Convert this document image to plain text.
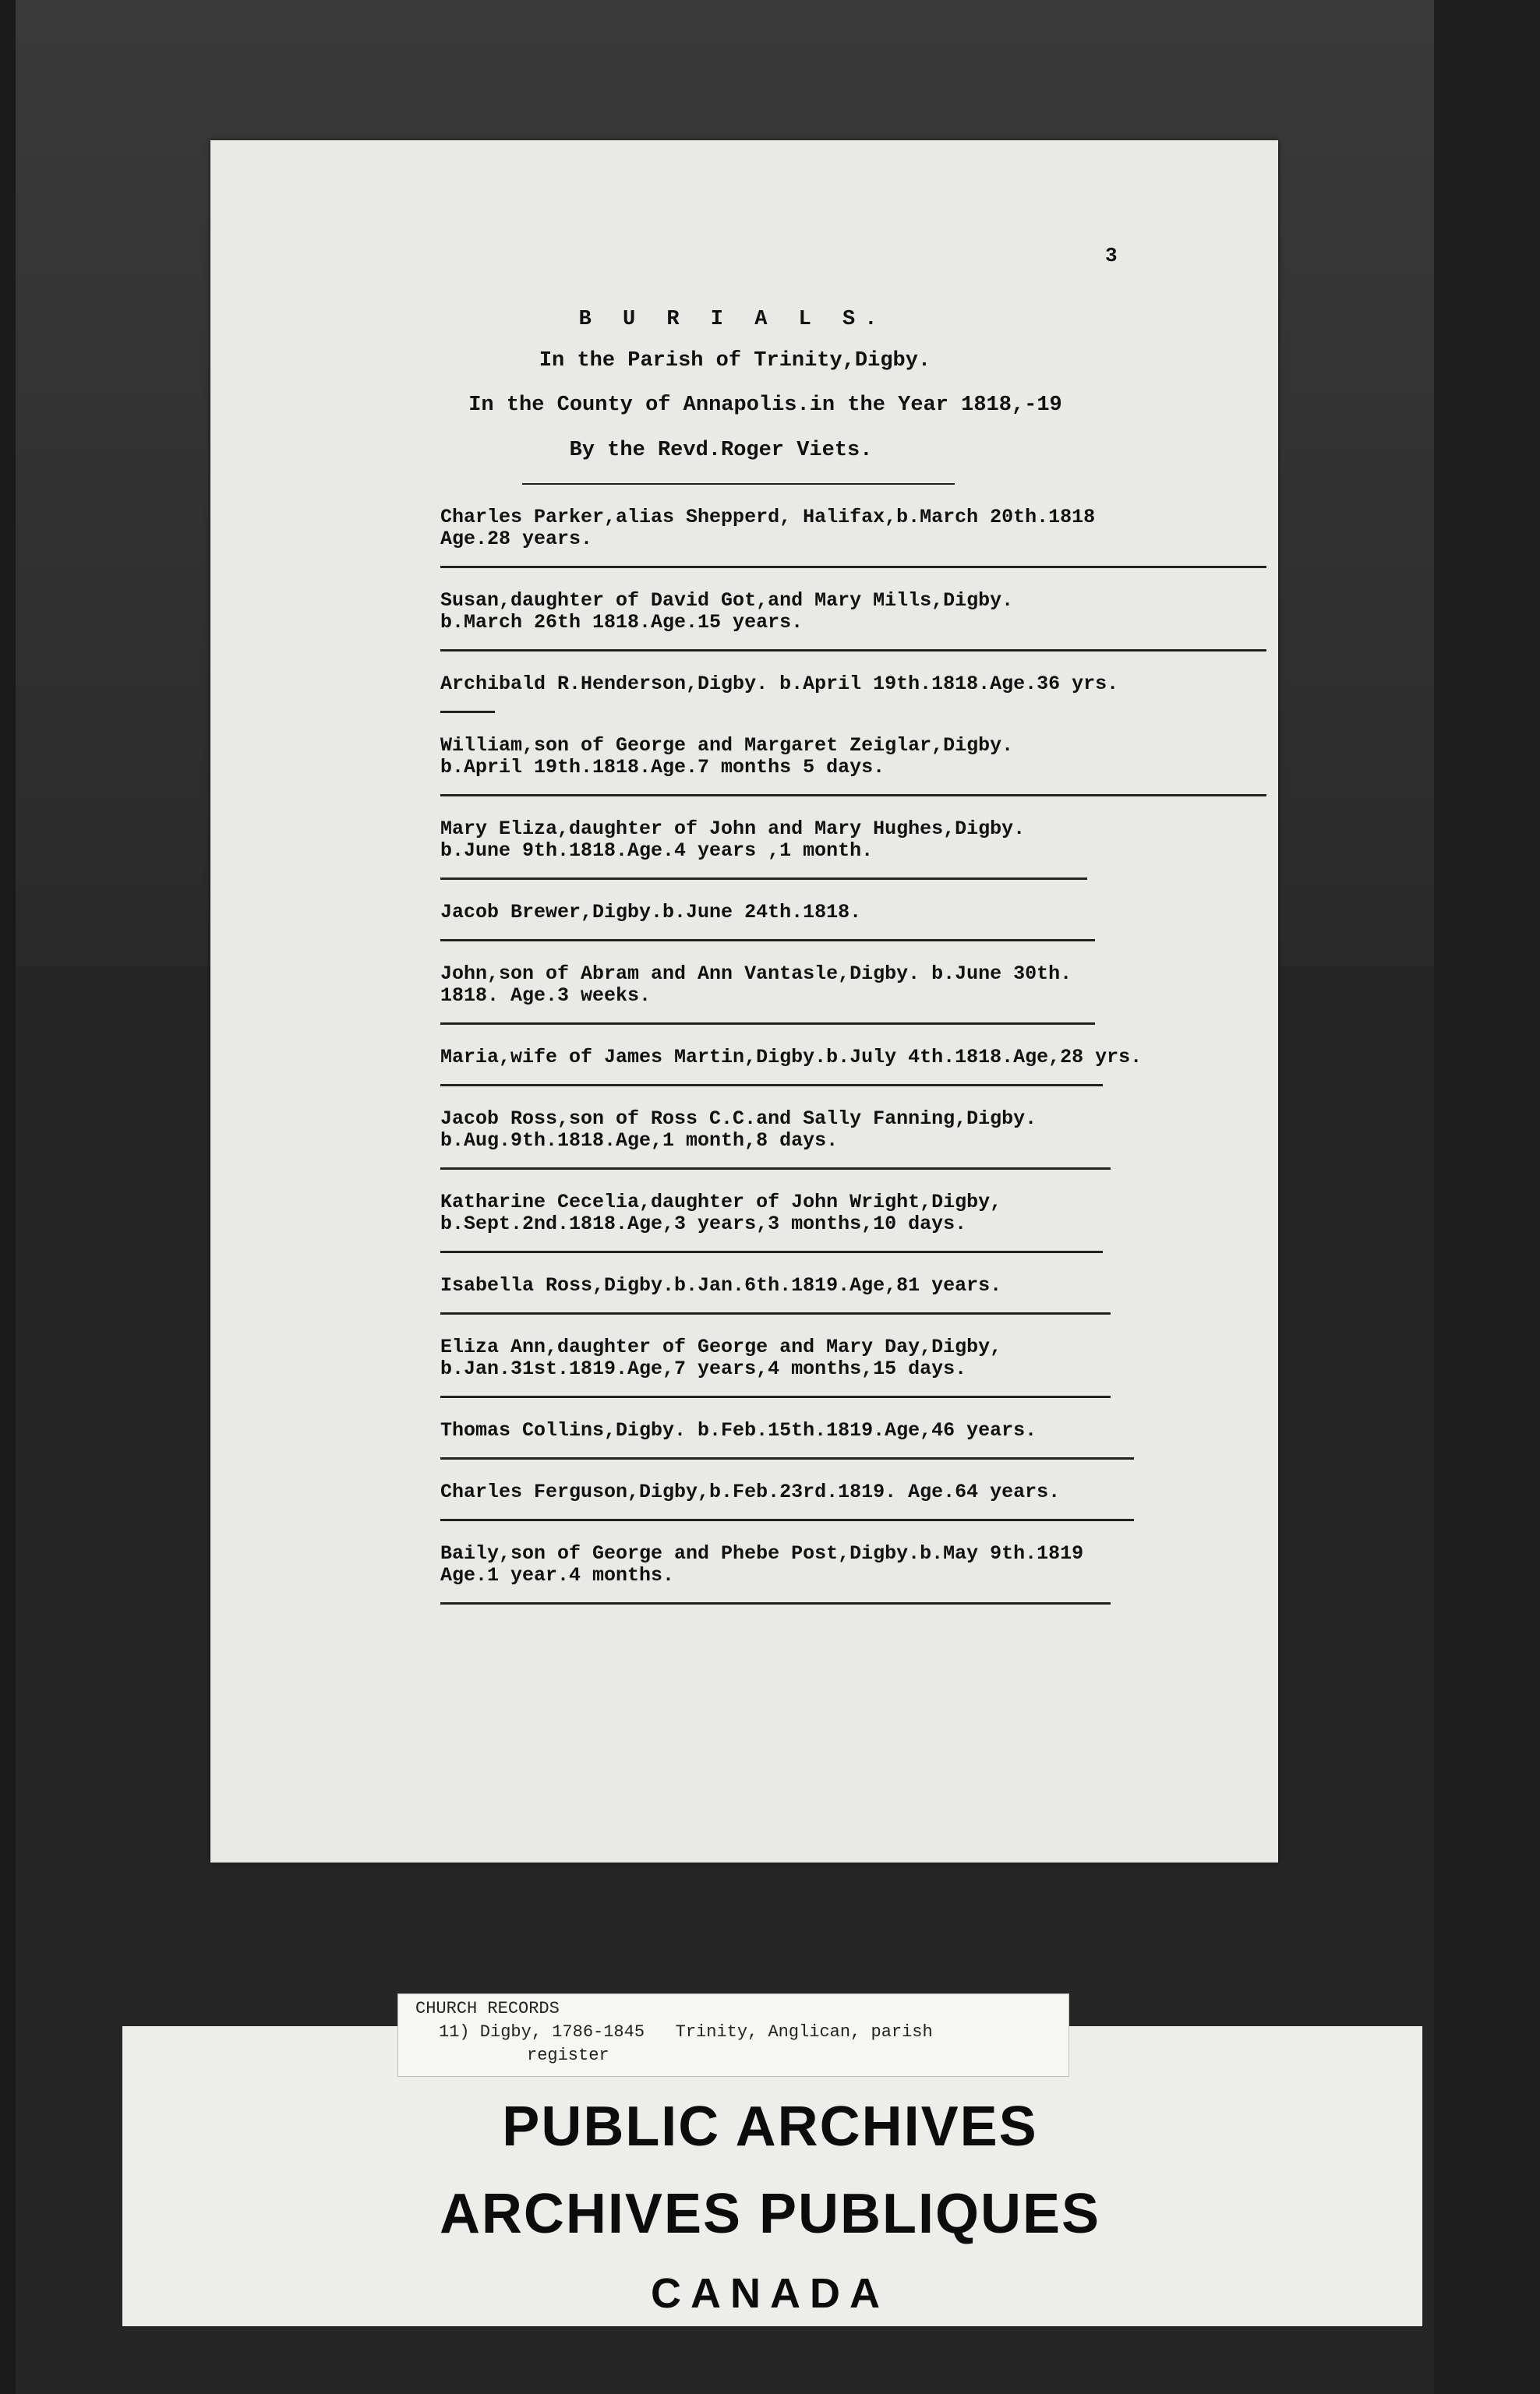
3
B U R I A L S.
In the Parish of Trinity,Digby.
In the County of Annapolis.in the Year 1818,-19
By the Revd.Roger Viets.
Charles Parker,alias Shepperd, Halifax,b.March 20th.1818
Age.28 years.
Susan,daughter of David Got,and Mary Mills,Digby.
b.March 26th 1818.Age.15 years.
Archibald R.Henderson,Digby. b.April 19th.1818.Age.36 yrs.
William,son of George and Margaret Zeiglar,Digby.
b.April 19th.1818.Age.7 months 5 days.
Mary Eliza,daughter of John and Mary Hughes,Digby.
b.June 9th.1818.Age.4 years ,1 month.
Jacob Brewer,Digby.b.June 24th.1818.
John,son of Abram and Ann Vantasle,Digby. b.June 30th.
1818. Age.3 weeks.
Maria,wife of James Martin,Digby.b.July 4th.1818.Age,28 yrs.
Jacob Ross,son of Ross C.C.and Sally Fanning,Digby.
b.Aug.9th.1818.Age,1 month,8 days.
Katharine Cecelia,daughter of John Wright,Digby,
b.Sept.2nd.1818.Age,3 years,3 months,10 days.
Isabella Ross,Digby.b.Jan.6th.1819.Age,81 years.
Eliza Ann,daughter of George and Mary Day,Digby,
b.Jan.31st.1819.Age,7 years,4 months,15 days.
Thomas Collins,Digby. b.Feb.15th.1819.Age,46 years.
Charles Ferguson,Digby,b.Feb.23rd.1819. Age.64 years.
Baily,son of George and Phebe Post,Digby.b.May 9th.1819
Age.1 year.4 months.
CHURCH RECORDS
11) Digby, 1786-1845   Trinity, Anglican, parish
register
PUBLIC ARCHIVES
ARCHIVES PUBLIQUES
CANADA
